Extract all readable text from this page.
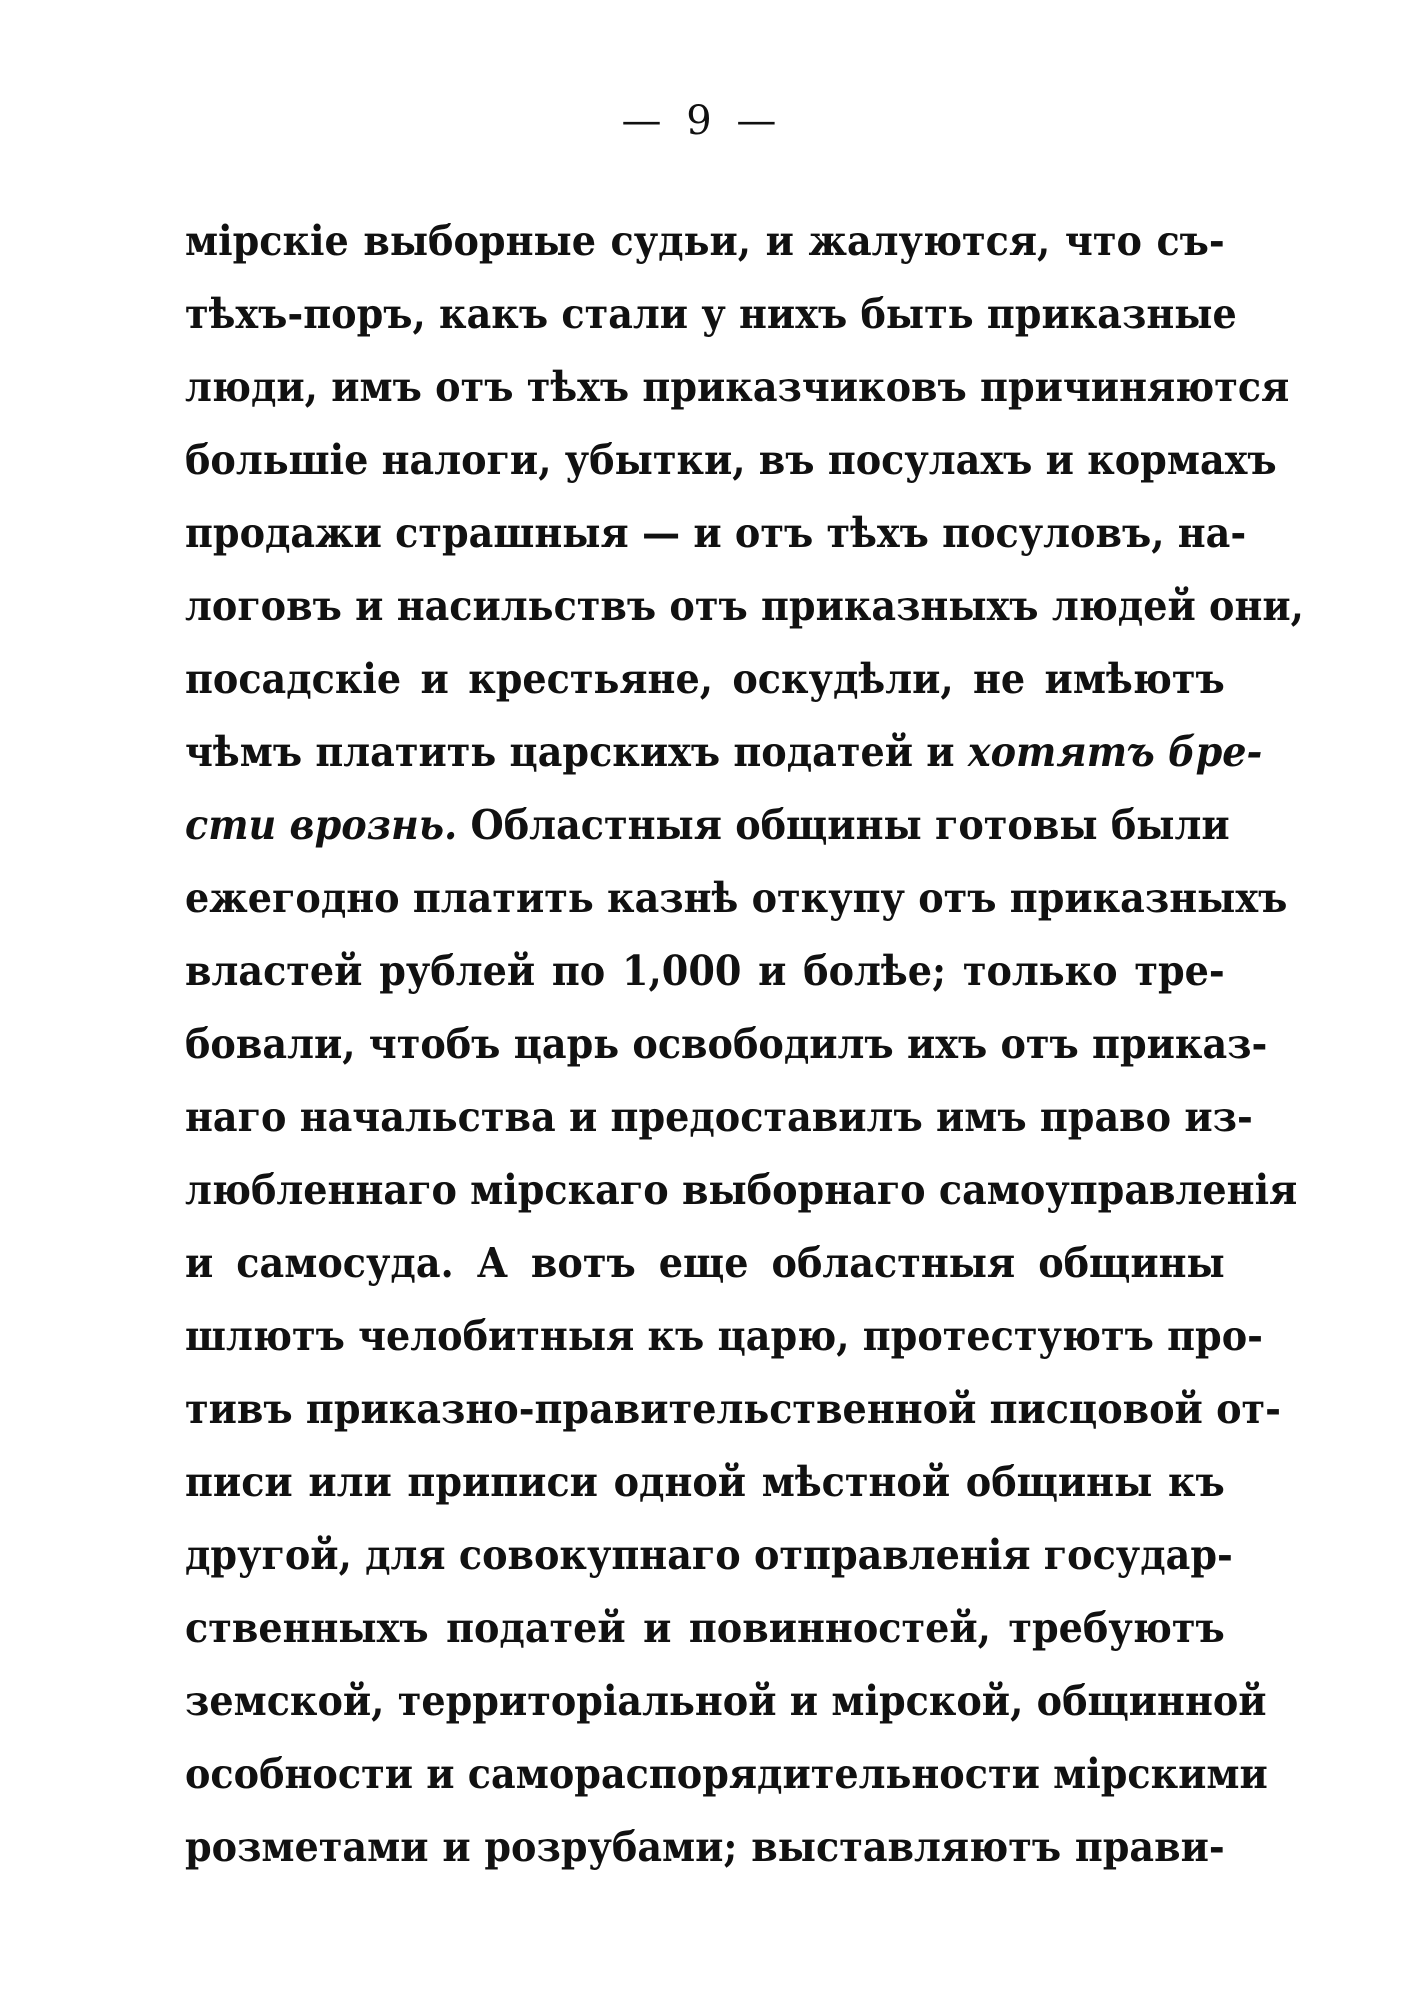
— 9 —
мірскіе выборные судьи, и жалуются, что съ-
тѣхъ-поръ, какъ стали у нихъ быть приказные
люди, имъ отъ тѣхъ приказчиковъ причиняются
большіе налоги, убытки, въ посулахъ и кормахъ
продажи страшныя — и отъ тѣхъ посуловъ, на-
логовъ и насильствъ отъ приказныхъ людей они,
посадскіе и крестьяне, оскудѣли, не имѣютъ
чѣмъ платить царскихъ податей и хотятъ бре-
сти врознь. Областныя общины готовы были
ежегодно платить казнѣ откупу отъ приказныхъ
властей рублей по 1,000 и болѣе; только тре-
бовали, чтобъ царь освободилъ ихъ отъ приказ-
наго начальства и предоставилъ имъ право из-
любленнаго мірскаго выборнаго самоуправленія
и самосуда. А вотъ еще областныя общины
шлютъ челобитныя къ царю, протестуютъ про-
тивъ приказно-правительственной писцовой от-
писи или приписи одной мѣстной общины къ
другой, для совокупнаго отправленія государ-
ственныхъ податей и повинностей, требуютъ
земской, территоріальной и мірской, общинной
особности и самораспорядительности мірскими
розметами и розрубами; выставляютъ прави-
